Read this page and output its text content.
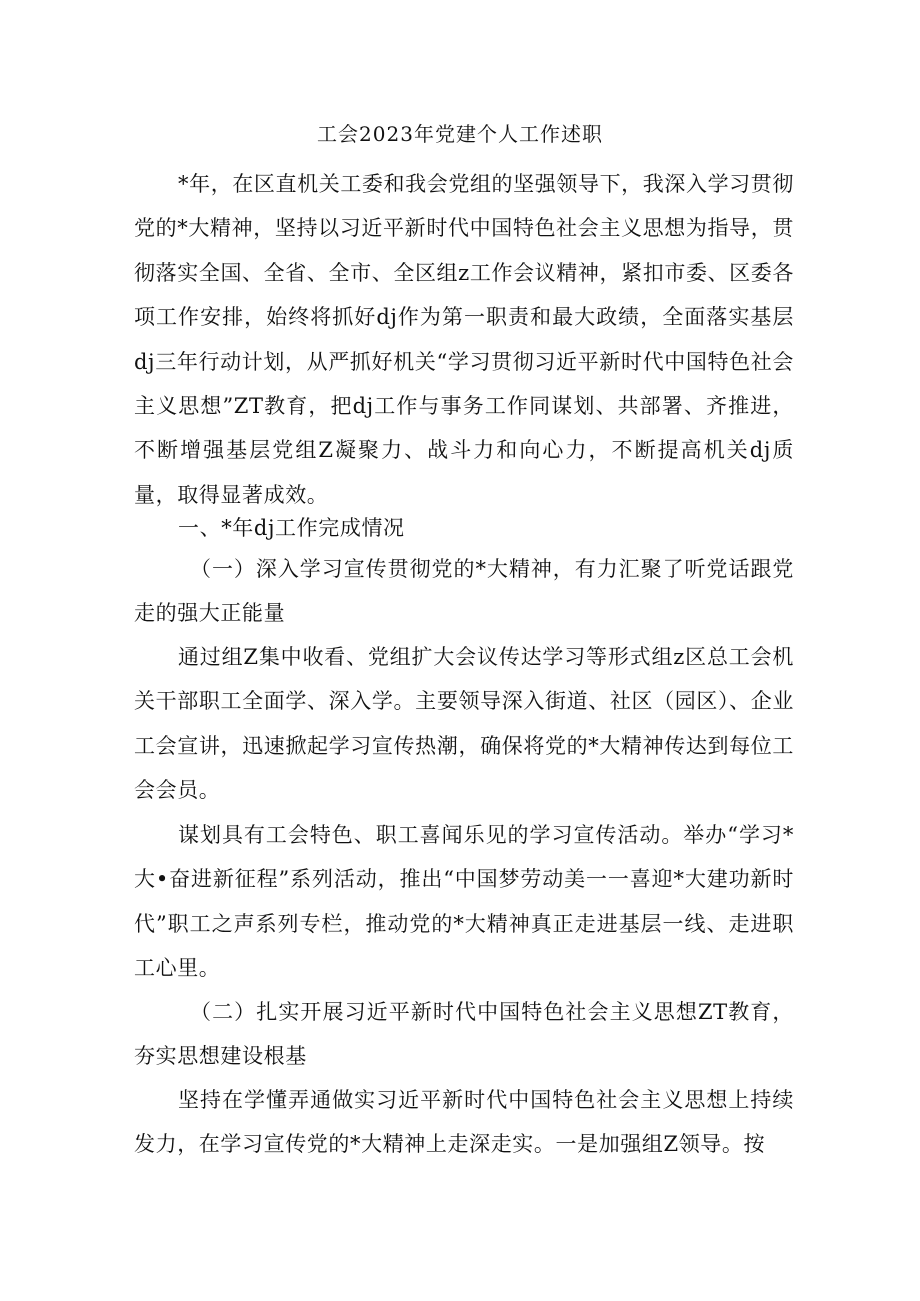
工会2023年党建个人工作述职

*年，在区直机关工委和我会党组的坚强领导下，我深入学习贯彻党的*大精神，坚持以习近平新时代中国特色社会主义思想为指导，贯彻落实全国、全省、全市、全区组z工作会议精神，紧扣市委、区委各项工作安排，始终将抓好dj作为第一职责和最大政绩，全面落实基层dj三年行动计划，从严抓好机关“学习贯彻习近平新时代中国特色社会主义思想”ZT教育，把dj工作与事务工作同谋划、共部署、齐推进，不断增强基层党组Z凝聚力、战斗力和向心力，不断提高机关dj质量，取得显著成效。

一、*年dj工作完成情况

（一）深入学习宣传贯彻党的*大精神，有力汇聚了听党话跟党走的强大正能量

通过组Z集中收看、党组扩大会议传达学习等形式组z区总工会机关干部职工全面学、深入学。主要领导深入街道、社区（园区）、企业工会宣讲，迅速掀起学习宣传热潮，确保将党的*大精神传达到每位工会会员。

谋划具有工会特色、职工喜闻乐见的学习宣传活动。举办“学习*大•奋进新征程”系列活动，推出“中国梦劳动美一一喜迎*大建功新时代”职工之声系列专栏，推动党的*大精神真正走进基层一线、走进职工心里。

（二）扎实开展习近平新时代中国特色社会主义思想ZT教育，夯实思想建设根基

坚持在学懂弄通做实习近平新时代中国特色社会主义思想上持续发力，在学习宣传党的*大精神上走深走实。一是加强组Z领导。按
